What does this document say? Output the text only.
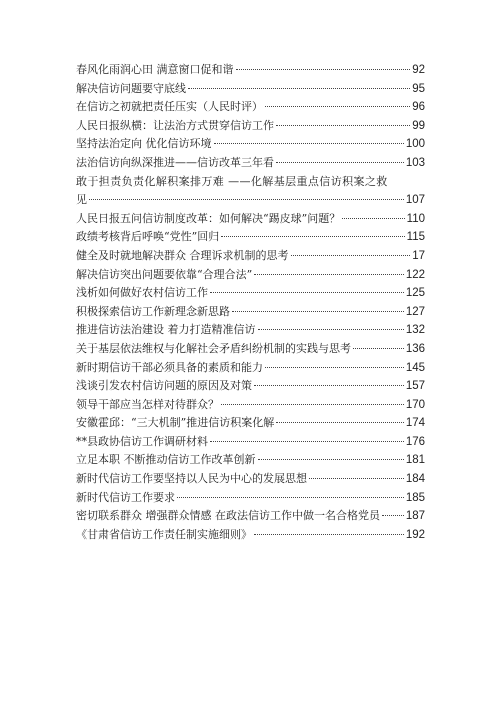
春风化雨润心田 满意窗口促和谐	92
解决信访问题要守底线	95
在信访之初就把责任压实（人民时评）	96
人民日报纵横：让法治方式贯穿信访工作	99
坚持法治定向 优化信访环境	100
法治信访向纵深推进——信访改革三年看	103
敢于担责负责化解积案排万难 ——化解基层重点信访积案之救
见	107
人民日报五问信访制度改革：如何解决“踢皮球”问题？	110
政绩考核背后呼唤“党性”回归	115
健全及时就地解决群众 合理诉求机制的思考	17
解决信访突出问题要依靠“合理合法”	122
浅析如何做好农村信访工作	125
积极探索信访工作新理念新思路	127
推进信访法治建设 着力打造精准信访	132
关于基层依法维权与化解社会矛盾纠纷机制的实践与思考	136
新时期信访干部必须具备的素质和能力	145
浅谈引发农村信访问题的原因及对策	157
领导干部应当怎样对待群众？	170
安徽霍邱：“三大机制”推进信访积案化解	174
**县政协信访工作调研材料	176
立足本职 不断推动信访工作改革创新	181
新时代信访工作要坚持以人民为中心的发展思想	184
新时代信访工作要求	185
密切联系群众 增强群众情感 在政法信访工作中做一名合格党员 187
《甘肃省信访工作责任制实施细则》	192
